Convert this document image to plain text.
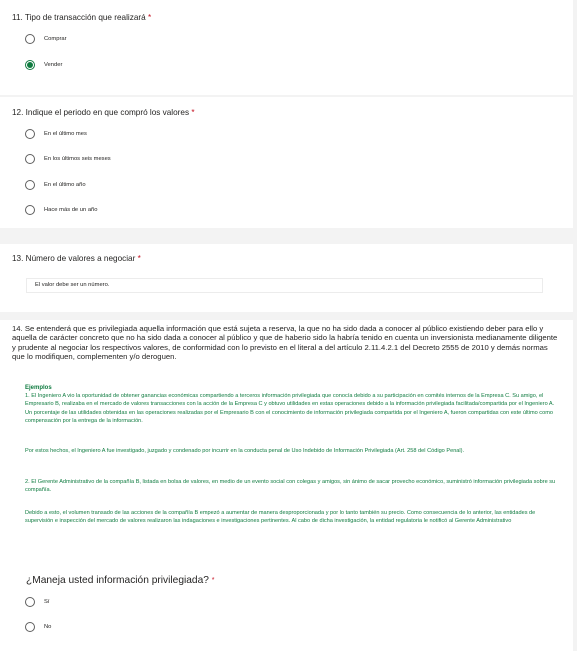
11. Tipo de transacción que realizará *
Comprar
Vender
12. Indique el periodo en que compró los valores *
En el último mes
En los últimos seis meses
En el último año
Hace más de un año
13. Número de valores a negociar *
El valor debe ser un número.

14. Se entenderá que es privilegiada aquella información que está sujeta a reserva, la que no ha sido dada a conocer al público existiendo deber para ello y aquella de carácter concreto que no ha sido dada a conocer al público y que de haberio sido la habría tenido en cuenta un inversionista medianamente diligente y prudente al negociar los respectivos valores, de conformidad con lo previsto en el literal a del artículo 2.11.4.2.1 del Decreto 2555 de 2010 y demás normas que lo modifiquen, complementen y/o deroguen.

Ejemplos
1. El Ingeniero A vio la oportunidad de obtener ganancias económicas compartiendo a terceros información privilegiada que conocía debido a su participación en comités internos de la Empresa C. Su amigo, el Empresario B, realizaba en el mercado de valores transacciones con la acción de la Empresa C y obtuvo utilidades en estas operaciones debido a la información privilegiada facilitada/compartida por el Ingeniero A. Un porcentaje de las utilidades obtenidas en las operaciones realizadas por el Empresario B con el conocimiento de información privilegiada compartida por el Ingeniero A, fueron compartidas con este último como compensación por la entrega de la información.

Por estos hechos, el Ingeniero A fue investigado, juzgado y condenado por incurrir en la conducta penal de Uso Indebido de Información Privilegiada (Art. 258 del Código Penal).

2. El Gerente Administrativo de la compañía B, listada en bolsa de valores, en medio de un evento social con colegas y amigos, sin ánimo de sacar provecho económico, suministró información privilegiada sobre su compañía.

Debido a esto, el volumen transado de las acciones de la compañía B empezó a aumentar de manera desproporcionada y por lo tanto también su precio. Como consecuencia de lo anterior, las entidades de supervisión e inspección del mercado de valores realizaron las indagaciones e investigaciones pertinentes. Al cabo de dicha investigación, la entidad regulatoria le notificó al Gerente Administrativo

¿Maneja usted información privilegiada? *
Sí
No
